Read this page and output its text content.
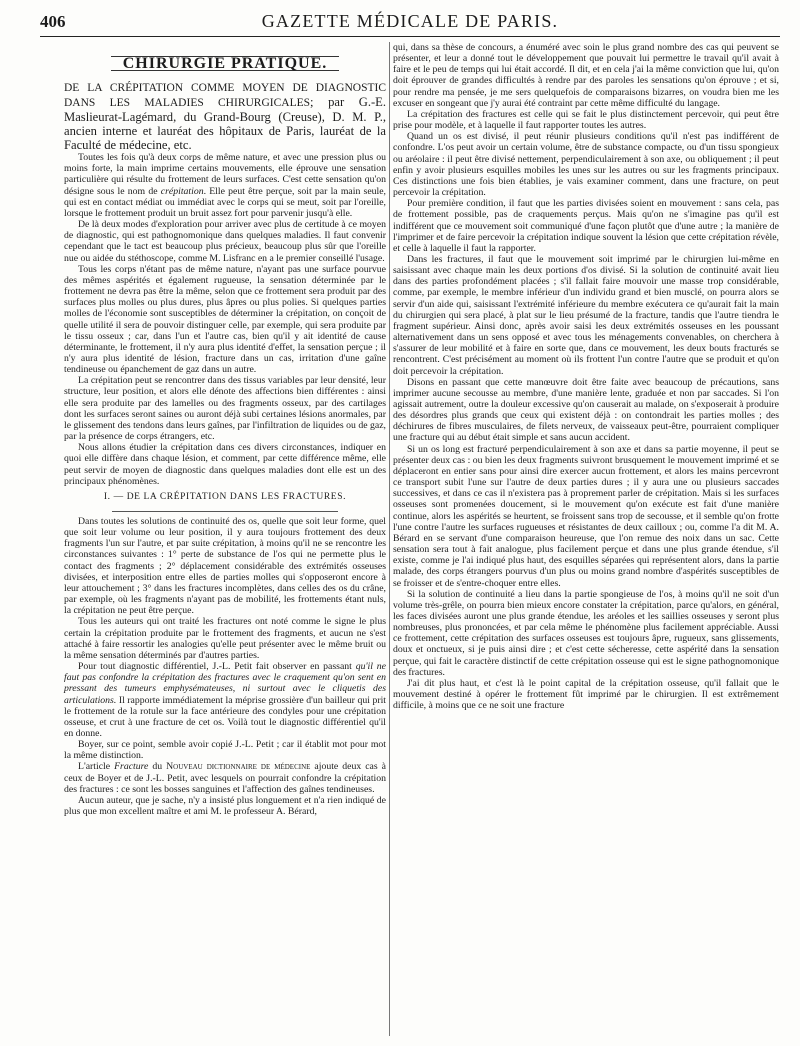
406	GAZETTE MÉDICALE DE PARIS.
CHIRURGIE PRATIQUE.

DE LA CRÉPITATION COMME MOYEN DE DIAGNOSTIC DANS LES MALADIES CHIRURGICALES; par G.-E. Maslieurat-Lagémard, du Grand-Bourg (Creuse), D. M. P., ancien interne et lauréat des hôpitaux de Paris, lauréat de la Faculté de médecine, etc.

Toutes les fois qu'à deux corps de même nature, et avec une pression plus ou moins forte, la main imprime certains mouvements, elle éprouve une sensation particulière qui résulte du frottement de leurs surfaces. C'est cette sensation qu'on désigne sous le nom de crépitation. Elle peut être perçue, soit par la main seule, qui est en contact médiat ou immédiat avec le corps qui se meut, soit par l'oreille, lorsque le frottement produit un bruit assez fort pour parvenir jusqu'à elle.

De là deux modes d'exploration pour arriver avec plus de certitude à ce moyen de diagnostic, qui est pathognomonique dans quelques maladies. Il faut convenir cependant que le tact est beaucoup plus précieux, beaucoup plus sûr que l'oreille nue ou aidée du stéthoscope, comme M. Lisfranc en a le premier conseillé l'usage.

Tous les corps n'étant pas de même nature, n'ayant pas une surface pourvue des mêmes aspérités et également rugueuse, la sensation déterminée par le frottement ne devra pas être la même, selon que ce frottement sera produit par des surfaces plus molles ou plus dures, plus âpres ou plus polies. Si quelques parties molles de l'économie sont susceptibles de déterminer la crépitation, on conçoit de quelle utilité il sera de pouvoir distinguer celle, par exemple, qui sera produite par le tissu osseux ; car, dans l'un et l'autre cas, bien qu'il y ait identité de cause déterminante, le frottement, il n'y aura plus identité d'effet, la sensation perçue ; il n'y aura plus identité de lésion, fracture dans un cas, irritation d'une gaîne tendineuse ou épanchement de gaz dans un autre.

La crépitation peut se rencontrer dans des tissus variables par leur densité, leur structure, leur position, et alors elle dénote des affections bien différentes : ainsi elle sera produite par des lamelles ou des fragments osseux, par des cartilages dont les surfaces seront saines ou auront déjà subi certaines lésions anormales, par le glissement des tendons dans leurs gaînes, par l'infiltration de liquides ou de gaz, par la présence de corps étrangers, etc.

Nous allons étudier la crépitation dans ces divers circonstances, indiquer en quoi elle diffère dans chaque lésion, et comment, par cette différence même, elle peut servir de moyen de diagnostic dans quelques maladies dont elle est un des principaux phénomènes.

I. — DE LA CRÉPITATION DANS LES FRACTURES.

Dans toutes les solutions de continuité des os, quelle que soit leur forme, quel que soit leur volume ou leur position, il y aura toujours frottement des deux fragments l'un sur l'autre, et par suite crépitation, à moins qu'il ne se rencontre les circonstances suivantes : 1° perte de substance de l'os qui ne permette plus le contact des fragments ; 2° déplacement considérable des extrémités osseuses divisées, et interposition entre elles de parties molles qui s'opposeront encore à leur attouchement ; 3° dans les fractures incomplètes, dans celles des os du crâne, par exemple, où les fragments n'ayant pas de mobilité, les frottements étant nuls, la crépitation ne peut être perçue.

Tous les auteurs qui ont traité les fractures ont noté comme le signe le plus certain la crépitation produite par le frottement des fragments, et aucun ne s'est attaché à faire ressortir les analogies qu'elle peut présenter avec le même bruit ou la même sensation déterminés par d'autres parties.

Pour tout diagnostic différentiel, J.-L. Petit fait observer en passant qu'il ne faut pas confondre la crépitation des fractures avec le craquement qu'on sent en pressant des tumeurs emphysémateuses, ni surtout avec le cliquetis des articulations. Il rapporte immédiatement la méprise grossière d'un bailleur qui prit le frottement de la rotule sur la face antérieure des condyles pour une crépitation osseuse, et crut à une fracture de cet os. Voilà tout le diagnostic différentiel qu'il en donne.

Boyer, sur ce point, semble avoir copié J.-L. Petit ; car il établit mot pour mot la même distinction.

L'article Fracture du Nouveau dictionnaire de médecine ajoute deux cas à ceux de Boyer et de J.-L. Petit, avec lesquels on pourrait confondre la crépitation des fractures : ce sont les bosses sanguines et l'affection des gaînes tendineuses.

Aucun auteur, que je sache, n'y a insisté plus longuement et n'a rien indiqué de plus que mon excellent maître et ami M. le professeur A. Bérard,

qui, dans sa thèse de concours, a énuméré avec soin le plus grand nombre des cas qui peuvent se présenter, et leur a donné tout le développement que pouvait lui permettre le travail qu'il avait à faire et le peu de temps qui lui était accordé. Il dit, et en cela j'ai la même conviction que lui, qu'on doit éprouver de grandes difficultés à rendre par des paroles les sensations qu'on éprouve ; et si, pour rendre ma pensée, je me sers quelquefois de comparaisons bizarres, on voudra bien me les excuser en songeant que j'y aurai été contraint par cette même difficulté du langage.

La crépitation des fractures est celle qui se fait le plus distinctement percevoir, qui peut être prise pour modèle, et à laquelle il faut rapporter toutes les autres.

Quand un os est divisé, il peut réunir plusieurs conditions qu'il n'est pas indifférent de confondre. L'os peut avoir un certain volume, être de substance compacte, ou d'un tissu spongieux ou aréolaire : il peut être divisé nettement, perpendiculairement à son axe, ou obliquement ; il peut enfin y avoir plusieurs esquilles mobiles les unes sur les autres ou sur les fragments principaux. Ces distinctions une fois bien établies, je vais examiner comment, dans une fracture, on peut percevoir la crépitation.

Pour première condition, il faut que les parties divisées soient en mouvement : sans cela, pas de frottement possible, pas de craquements perçus. Mais qu'on ne s'imagine pas qu'il est indifférent que ce mouvement soit communiqué d'une façon plutôt que d'une autre ; la manière de l'imprimer et de faire percevoir la crépitation indique souvent la lésion que cette crépitation révèle, et celle à laquelle il faut la rapporter.

Dans les fractures, il faut que le mouvement soit imprimé par le chirurgien lui-même en saisissant avec chaque main les deux portions d'os divisé. Si la solution de continuité avait lieu dans des parties profondément placées ; s'il fallait faire mouvoir une masse trop considérable, comme, par exemple, le membre inférieur d'un individu grand et bien musclé, on pourra alors se servir d'un aide qui, saisissant l'extrémité inférieure du membre exécutera ce qu'aurait fait la main du chirurgien qui sera placé, à plat sur le lieu présumé de la fracture, tandis que l'autre tiendra le fragment supérieur. Ainsi donc, après avoir saisi les deux extrémités osseuses en les poussant alternativement dans un sens opposé et avec tous les ménagements convenables, on cherchera à s'assurer de leur mobilité et à faire en sorte que, dans ce mouvement, les deux bouts fracturés se rencontrent. C'est précisément au moment où ils frottent l'un contre l'autre que se produit et qu'on doit percevoir la crépitation.

Disons en passant que cette manœuvre doit être faite avec beaucoup de précautions, sans imprimer aucune secousse au membre, d'une manière lente, graduée et non par saccades. Si l'on agissait autrement, outre la douleur excessive qu'on causerait au malade, on s'exposerait à produire des désordres plus grands que ceux qui existent déjà : on contondrait les parties molles ; des déchirures de fibres musculaires, de filets nerveux, de vaisseaux peut-être, pourraient compliquer une fracture qui au début était simple et sans aucun accident.

Si un os long est fracturé perpendiculairement à son axe et dans sa partie moyenne, il peut se présenter deux cas : ou bien les deux fragments suivront brusquement le mouvement imprimé et se déplaceront en entier sans pour ainsi dire exercer aucun frottement, et alors les mains percevront ce transport subit l'une sur l'autre de deux parties dures ; il y aura une ou plusieurs saccades successives, et dans ce cas il n'existera pas à proprement parler de crépitation. Mais si les surfaces osseuses sont promenées doucement, si le mouvement qu'on exécute est fait d'une manière continue, alors les aspérités se heurtent, se froissent sans trop de secousse, et il semble qu'on frotte l'une contre l'autre les surfaces rugueuses et résistantes de deux cailloux ; ou, comme l'a dit M. A. Bérard en se servant d'une comparaison heureuse, que l'on remue des noix dans un sac. Cette sensation sera tout à fait analogue, plus facilement perçue et dans une plus grande étendue, s'il existe, comme je l'ai indiqué plus haut, des esquilles séparées qui représentent alors, dans la partie malade, des corps étrangers pourvus d'un plus ou moins grand nombre d'aspérités susceptibles de se froisser et de s'entre-choquer entre elles.

Si la solution de continuité a lieu dans la partie spongieuse de l'os, à moins qu'il ne soit d'un volume très-grêle, on pourra bien mieux encore constater la crépitation, parce qu'alors, en général, les faces divisées auront une plus grande étendue, les aréoles et les saillies osseuses y seront plus nombreuses, plus prononcées, et par cela même le phénomène plus facilement appréciable. Aussi ce frottement, cette crépitation des surfaces osseuses est toujours âpre, rugueux, sans glissements, doux et onctueux, si je puis ainsi dire ; et c'est cette sécheresse, cette aspérité dans la sensation perçue, qui fait le caractère distinctif de cette crépitation osseuse qui est le signe pathognomonique des fractures.

J'ai dit plus haut, et c'est là le point capital de la crépitation osseuse, qu'il fallait que le mouvement destiné à opérer le frottement fût imprimé par le chirurgien. Il est extrêmement difficile, à moins que ce ne soit une fracture
